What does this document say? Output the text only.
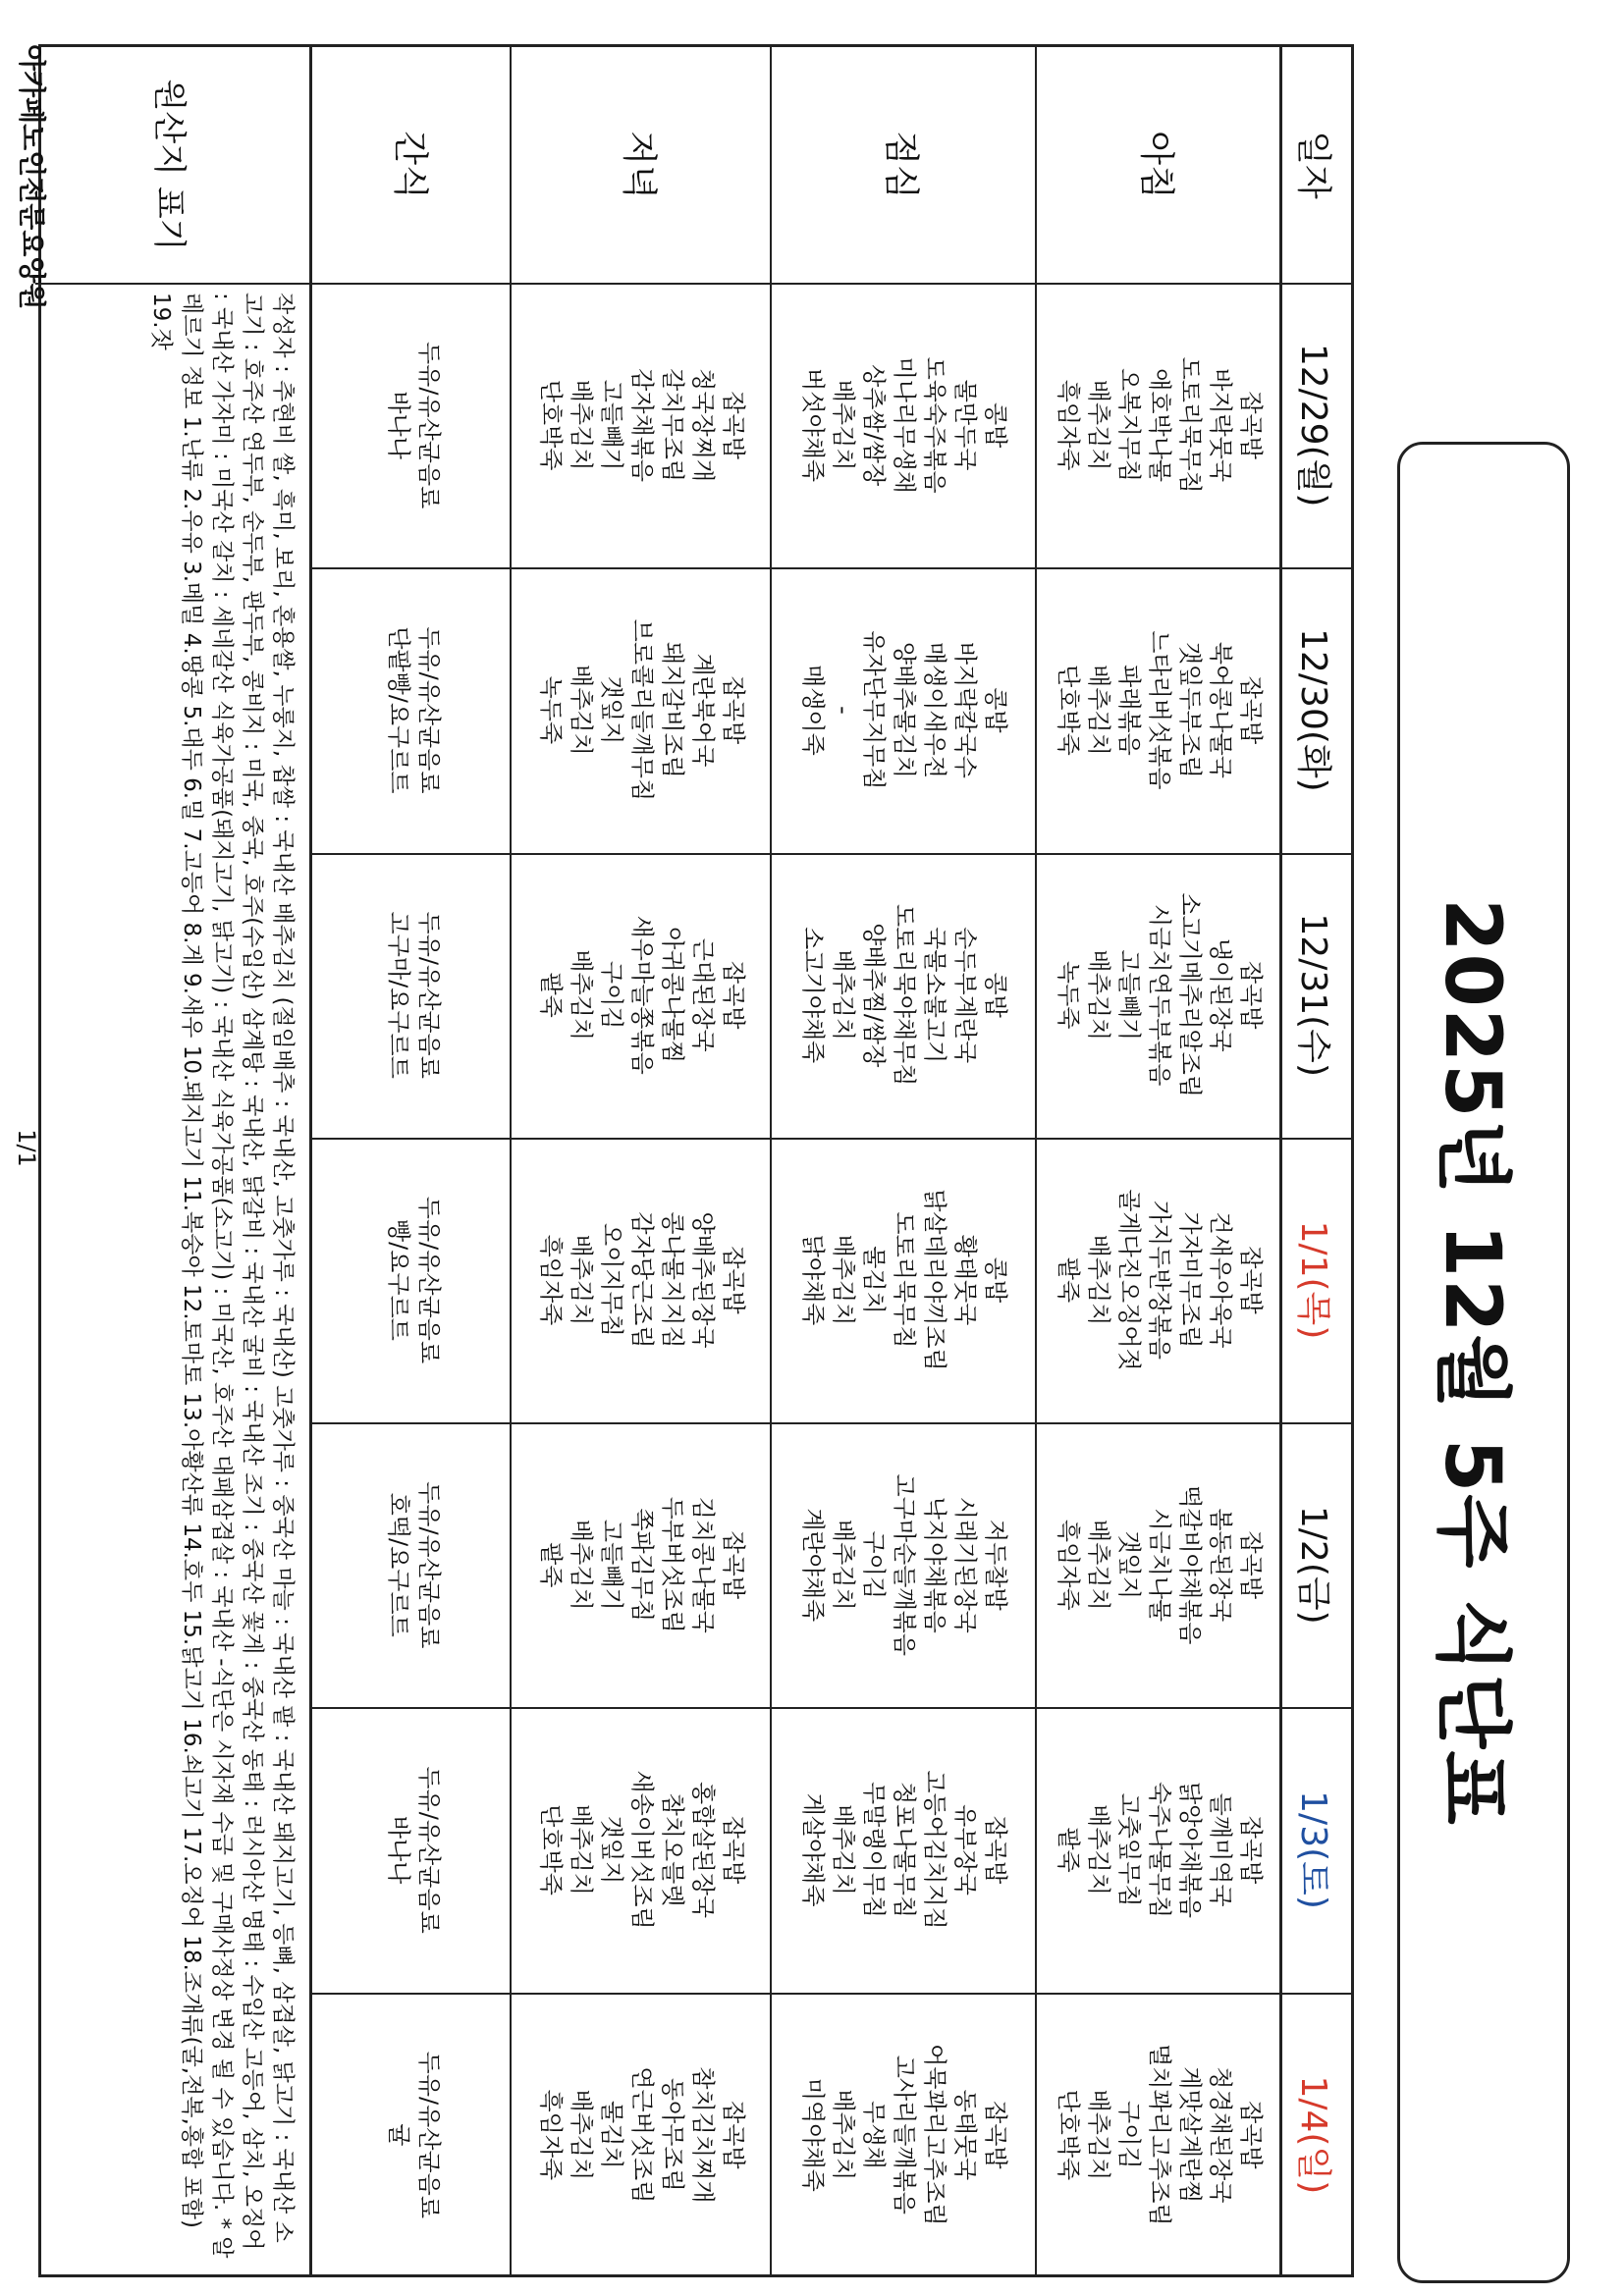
2025년 12월 5주 식단표
일자
아침
점심
저녁
간식
12/29(월)
잡곡밥
바지락뭇국
도토리묵무침
애호박나물
오복지무침
배추김치
흑임자죽
콩밥
물만두국
도육숙주볶음
미나리무생채
상추쌈/쌈장
배추김치
버섯야채죽
잡곡밥
청국장찌개
갈치무조림
감자채볶음
고들빼기
배추김치
단호박죽
두유/유산균음료
바나나
12/30(화)
잡곡밥
북어콩나물국
갯잎두부조림
느타리버섯볶음
파래볶음
배추김치
단호박죽
콩밥
바지락칼국수
매생이새우전
양배추물김치
유자단무지무침
-
매생이죽
잡곡밥
계란북어국
돼지갈비조림
브로콜리들깨무침
갯잎지
배추김치
녹두죽
두유/유산균음료
단팥빵/요구르트
12/31(수)
잡곡밥
냉이된장국
소고기메추리알조림
시금치연두부볶음
고들빼기
배추김치
녹두죽
콩밥
순두부계란국
국물소불고기
도토리묵야채무침
양배추찜/쌈장
배추김치
소고기야채죽
잡곡밥
근대된장국
아귀콩나물찜
새우마늘쫑볶음
구이김
배추김치
팥죽
두유/유산균음료
고구마/요구르트
1/1(목)
잡곡밥
건새우아욱국
가자미무조림
가지두반장볶음
골게다진오징어젓
배추김치
팥죽
콩밥
황태뭇국
닭살데리야끼조림
도토리묵무침
물김치
배추김치
닭야채죽
잡곡밥
양배추된장국
콩나물지지짐
감자당근조림
오이지무침
배추김치
흑임자죽
두유/유산균음료
빵/요구르트
1/2(금)
잡곡밥
봄동된장국
떡갈비야채볶음
시금치나물
갯잎지
배추김치
흑임자죽
저두찰밥
시래기된장국
낙지야채볶음
고구마순들깨볶음
구이김
배추김치
계란야채죽
잡곡밥
김치콩나물국
두부버섯조림
쪽파김무침
고들빼기
배추김치
팥죽
두유/유산균음료
호떡/요구르트
1/3(토)
잡곡밥
들깨미역국
닭앙아채볶음
숙주나물무침
고춧잎무침
배추김치
팥죽
잡곡밥
유부장국
고등어김치지짐
청포나물무침
무말랭이무침
배추김치
게살야채죽
잡곡밥
홍합살된장국
참치오믈렛
새송이버섯조림
갯잎지
배추김치
단호박죽
두유/유산균음료
바나나
1/4(일)
잡곡밥
청경채된장국
게맛살계란찜
멸치꽈리고추조림
구이김
배추김치
단호박죽
잡곡밥
동태뭇국
어묵꽈리고추조림
고사리들깨볶음
무생채
배추김치
미역야채죽
잡곡밥
참치김치찌개
동아무조림
연근버섯조림
물김치
배추김치
흑임자죽
두유/유산균음료
귤
원산지 표기
작성자 : 추현비 쌀, 흑미, 보리, 혼용쌀, 누룽지, 찹쌀 : 국내산 배추김치 (절임배추 : 국내산, 고춧가루 : 국내산) 고춧가루 : 중국산 마늘 : 국내산 팥 : 국내산 돼지고기, 등뼈, 삼겹살, 닭고기 : 국내산 소고기 : 호주산 연두부, 순두부, 판두부, 콩비지 : 미국, 중국, 호주(수입산) 삼계탕 : 국내산, 닭갈비 : 국내산 굴비 : 국내산 조기 : 중국산 꽃게 : 중국산 동태 : 러시아산 명태 : 수입산 고등어, 삼치, 오징어 : 국내산 가자미 : 미국산 갈치 : 세네갈산 식육가공품(돼지고기, 닭고기) : 국내산 식육가공품(소고기) : 미국산, 호주산 대패삼겹살 : 국내산 -식단은 시자재 수급 및 구매사정상 변경 될 수 있습니다. * 알레르기 정보 1.난류 2.우유 3.메밀 4.땅콩 5.대두 6.밀 7.고등어 8.게 9.새우 10.돼지고기 11.복숭아 12.토마토 13.아황산류 14.호두 15.닭고기 16.쇠고기 17.오징어 18.조개류(굴,전복,홍합 포함) 19.잣
아카페노인전문요양원
1/1
